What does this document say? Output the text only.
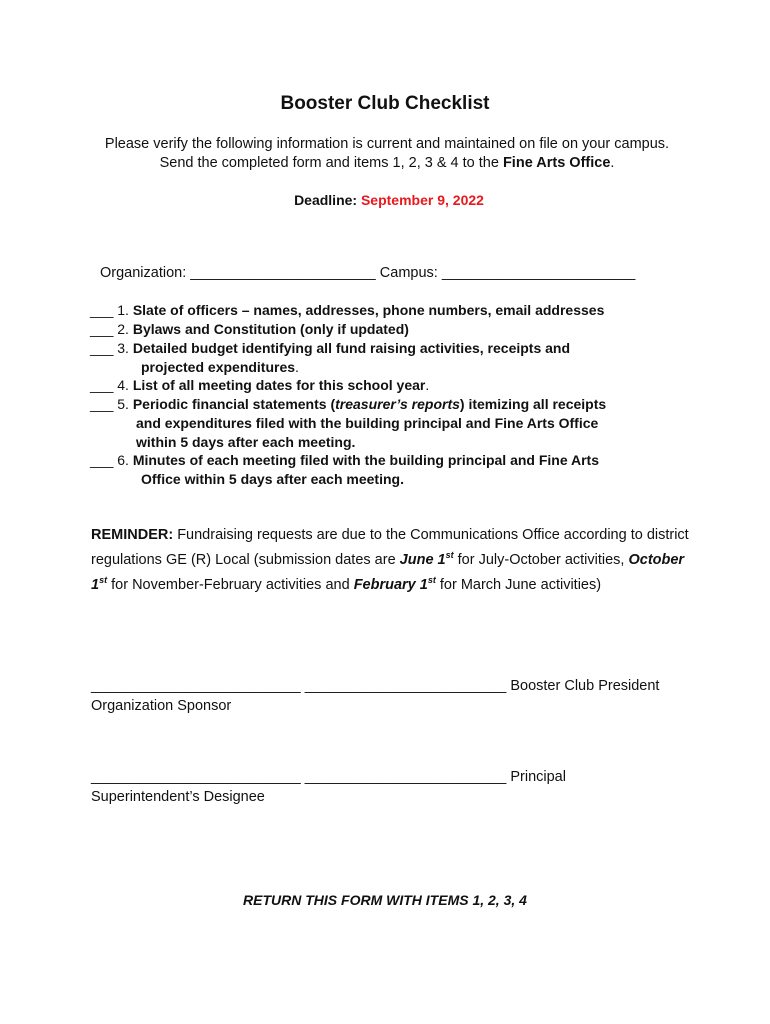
Booster Club Checklist
Please verify the following information is current and maintained on file on your campus.
Send the completed form and items 1, 2, 3 & 4 to the Fine Arts Office.
Deadline: September 9, 2022
Organization: _______________________ Campus: ________________________
___ 1. Slate of officers – names, addresses, phone numbers, email addresses
___ 2. Bylaws and Constitution (only if updated)
___ 3. Detailed budget identifying all fund raising activities, receipts and
projected expenditures.
___ 4. List of all meeting dates for this school year.
___ 5. Periodic financial statements (treasurer’s reports) itemizing all receipts
and expenditures filed with the building principal and Fine Arts Office
within 5 days after each meeting.
___ 6. Minutes of each meeting filed with the building principal and Fine Arts
Office within 5 days after each meeting.
REMINDER: Fundraising requests are due to the Communications Office according to district regulations GE (R) Local (submission dates are June 1st for July-October activities, October 1st for November-February activities and February 1st for March June activities)
__________________________ _________________________ Booster Club President
Organization Sponsor
__________________________ _________________________ Principal
Superintendent’s Designee
RETURN THIS FORM WITH ITEMS 1, 2, 3, 4
